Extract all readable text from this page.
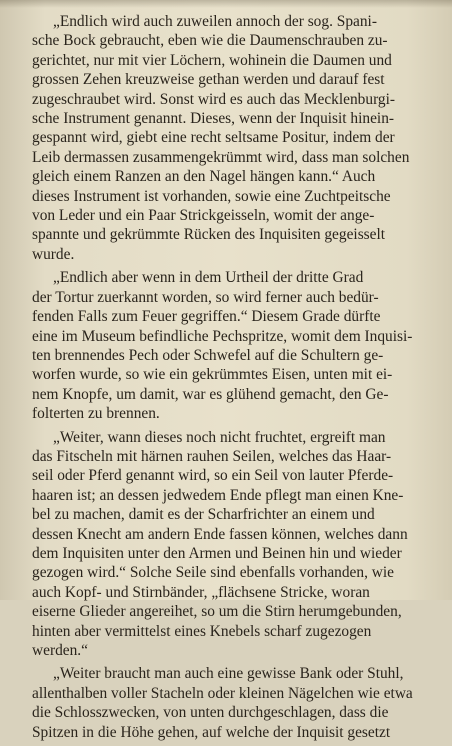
„Endlich wird auch zuweilen annoch der sog. Spani-
sche Bock gebraucht, eben wie die Daumenschrauben zu-
gerichtet, nur mit vier Löchern, wohinein die Daumen und
grossen Zehen kreuzweise gethan werden und darauf fest
zugeschraubet wird. Sonst wird es auch das Mecklenburgi-
sche Instrument genannt. Dieses, wenn der Inquisit hinein-
gespannt wird, giebt eine recht seltsame Positur, indem der
Leib dermassen zusammengekrümmt wird, dass man solchen
gleich einem Ranzen an den Nagel hängen kann.“ Auch
dieses Instrument ist vorhanden, sowie eine Zuchtpeitsche
von Leder und ein Paar Strickgeisseln, womit der ange-
spannte und gekrümmte Rücken des Inquisiten gegeisselt
wurde.

„Endlich aber wenn in dem Urtheil der dritte Grad
der Tortur zuerkannt worden, so wird ferner auch bedür-
fenden Falls zum Feuer gegriffen.“ Diesem Grade dürfte
eine im Museum befindliche Pechspritze, womit dem Inquisi-
ten brennendes Pech oder Schwefel auf die Schultern ge-
worfen wurde, so wie ein gekrümmtes Eisen, unten mit ei-
nem Knopfe, um damit, war es glühend gemacht, den Ge-
folterten zu brennen.

„Weiter, wann dieses noch nicht fruchtet, ergreift man
das Fitscheln mit härnen rauhen Seilen, welches das Haar-
seil oder Pferd genannt wird, so ein Seil von lauter Pferde-
haaren ist; an dessen jedwedem Ende pflegt man einen Kne-
bel zu machen, damit es der Scharfrichter an einem und
dessen Knecht am andern Ende fassen können, welches dann
dem Inquisiten unter den Armen und Beinen hin und wieder
gezogen wird.“ Solche Seile sind ebenfalls vorhanden, wie
auch Kopf- und Stirnbänder, „flächsene Stricke, woran
eiserne Glieder angereihet, so um die Stirn herumgebunden,
hinten aber vermittelst eines Knebels scharf zugezogen
werden.“

„Weiter braucht man auch eine gewisse Bank oder Stuhl,
allenthalben voller Stacheln oder kleinen Nägelchen wie etwa
die Schlosszwecken, von unten durchgeschlagen, dass die
Spitzen in die Höhe gehen, auf welche der Inquisit gesetzt
